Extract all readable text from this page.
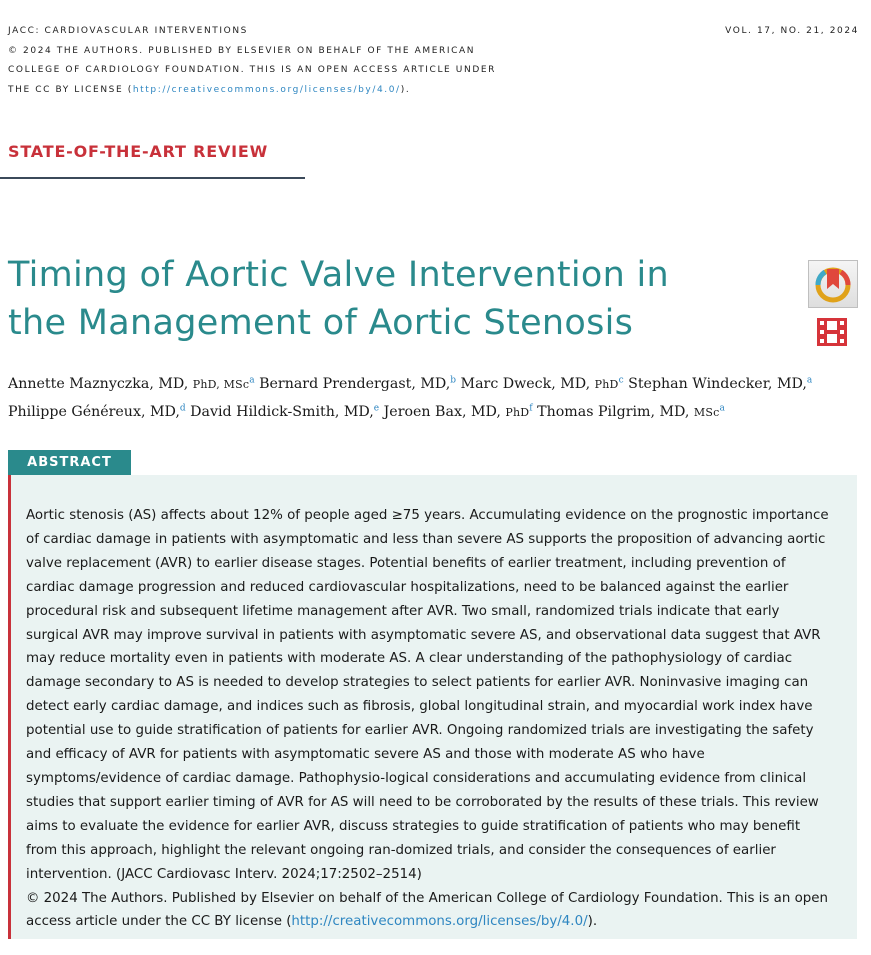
JACC: CARDIOVASCULAR INTERVENTIONS
© 2024 THE AUTHORS. PUBLISHED BY ELSEVIER ON BEHALF OF THE AMERICAN
COLLEGE OF CARDIOLOGY FOUNDATION. THIS IS AN OPEN ACCESS ARTICLE UNDER
THE CC BY LICENSE (http://creativecommons.org/licenses/by/4.0/).
VOL. 17, NO. 21, 2024
STATE-OF-THE-ART REVIEW
Timing of Aortic Valve Intervention in
the Management of Aortic Stenosis
Annette Maznyczka, MD, PhD, MSc$^a$ Bernard Prendergast, MD,$^b$ Marc Dweck, MD, PhD$^c$ Stephan Windecker, MD,$^a$
Philippe Généreux, MD,$^d$ David Hildick-Smith, MD,$^e$ Jeroen Bax, MD, PhD$^f$ Thomas Pilgrim, MD, MSc$^a$
ABSTRACT

Aortic stenosis (AS) affects about 12% of people aged ≥75 years. Accumulating evidence on the prognostic importance of cardiac damage in patients with asymptomatic and less than severe AS supports the proposition of advancing aortic valve replacement (AVR) to earlier disease stages. Potential benefits of earlier treatment, including prevention of cardiac damage progression and reduced cardiovascular hospitalizations, need to be balanced against the earlier procedural risk and subsequent lifetime management after AVR. Two small, randomized trials indicate that early surgical AVR may improve survival in patients with asymptomatic severe AS, and observational data suggest that AVR may reduce mortality even in patients with moderate AS. A clear understanding of the pathophysiology of cardiac damage secondary to AS is needed to develop strategies to select patients for earlier AVR. Noninvasive imaging can detect early cardiac damage, and indices such as fibrosis, global longitudinal strain, and myocardial work index have potential use to guide stratification of patients for earlier AVR. Ongoing randomized trials are investigating the safety and efficacy of AVR for patients with asymptomatic severe AS and those with moderate AS who have symptoms/evidence of cardiac damage. Pathophysio-logical considerations and accumulating evidence from clinical studies that support earlier timing of AVR for AS will need to be corroborated by the results of these trials. This review aims to evaluate the evidence for earlier AVR, discuss strategies to guide stratification of patients who may benefit from this approach, highlight the relevant ongoing ran-domized trials, and consider the consequences of earlier intervention. (JACC Cardiovasc Interv. 2024;17:2502–2514)
© 2024 The Authors. Published by Elsevier on behalf of the American College of Cardiology Foundation. This is an open access article under the CC BY license (http://creativecommons.org/licenses/by/4.0/).
